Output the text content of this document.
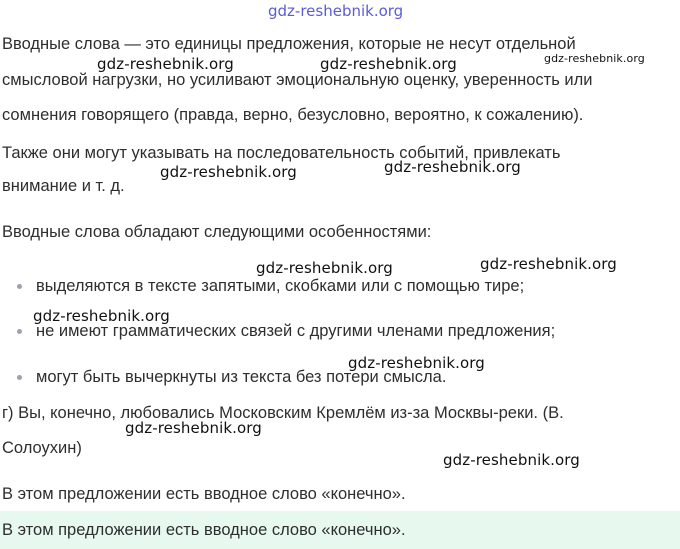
gdz-reshebnik.org
Вводные слова — это единицы предложения, которые не несут отдельной
смысловой нагрузки, но усиливают эмоциональную оценку, уверенность или
сомнения говорящего (правда, верно, безусловно, вероятно, к сожалению).
Также они могут указывать на последовательность событий, привлекать
внимание и т. д.
Вводные слова обладают следующими особенностями:
выделяются в тексте запятыми, скобками или с помощью тире;
не имеют грамматических связей с другими членами предложения;
могут быть вычеркнуты из текста без потери смысла.
г) Вы, конечно, любовались Московским Кремлём из-за Москвы-реки. (В.
Солоухин)
В этом предложении есть вводное слово «конечно».
В этом предложении есть вводное слово «конечно».
gdz-reshebnik.org	gdz-reshebnik.org	gdz-reshebnik.org
gdz-reshebnik.org	gdz-reshebnik.org
gdz-reshebnik.org	gdz-reshebnik.org
gdz-reshebnik.org
gdz-reshebnik.org
gdz-reshebnik.org
gdz-reshebnik.org
